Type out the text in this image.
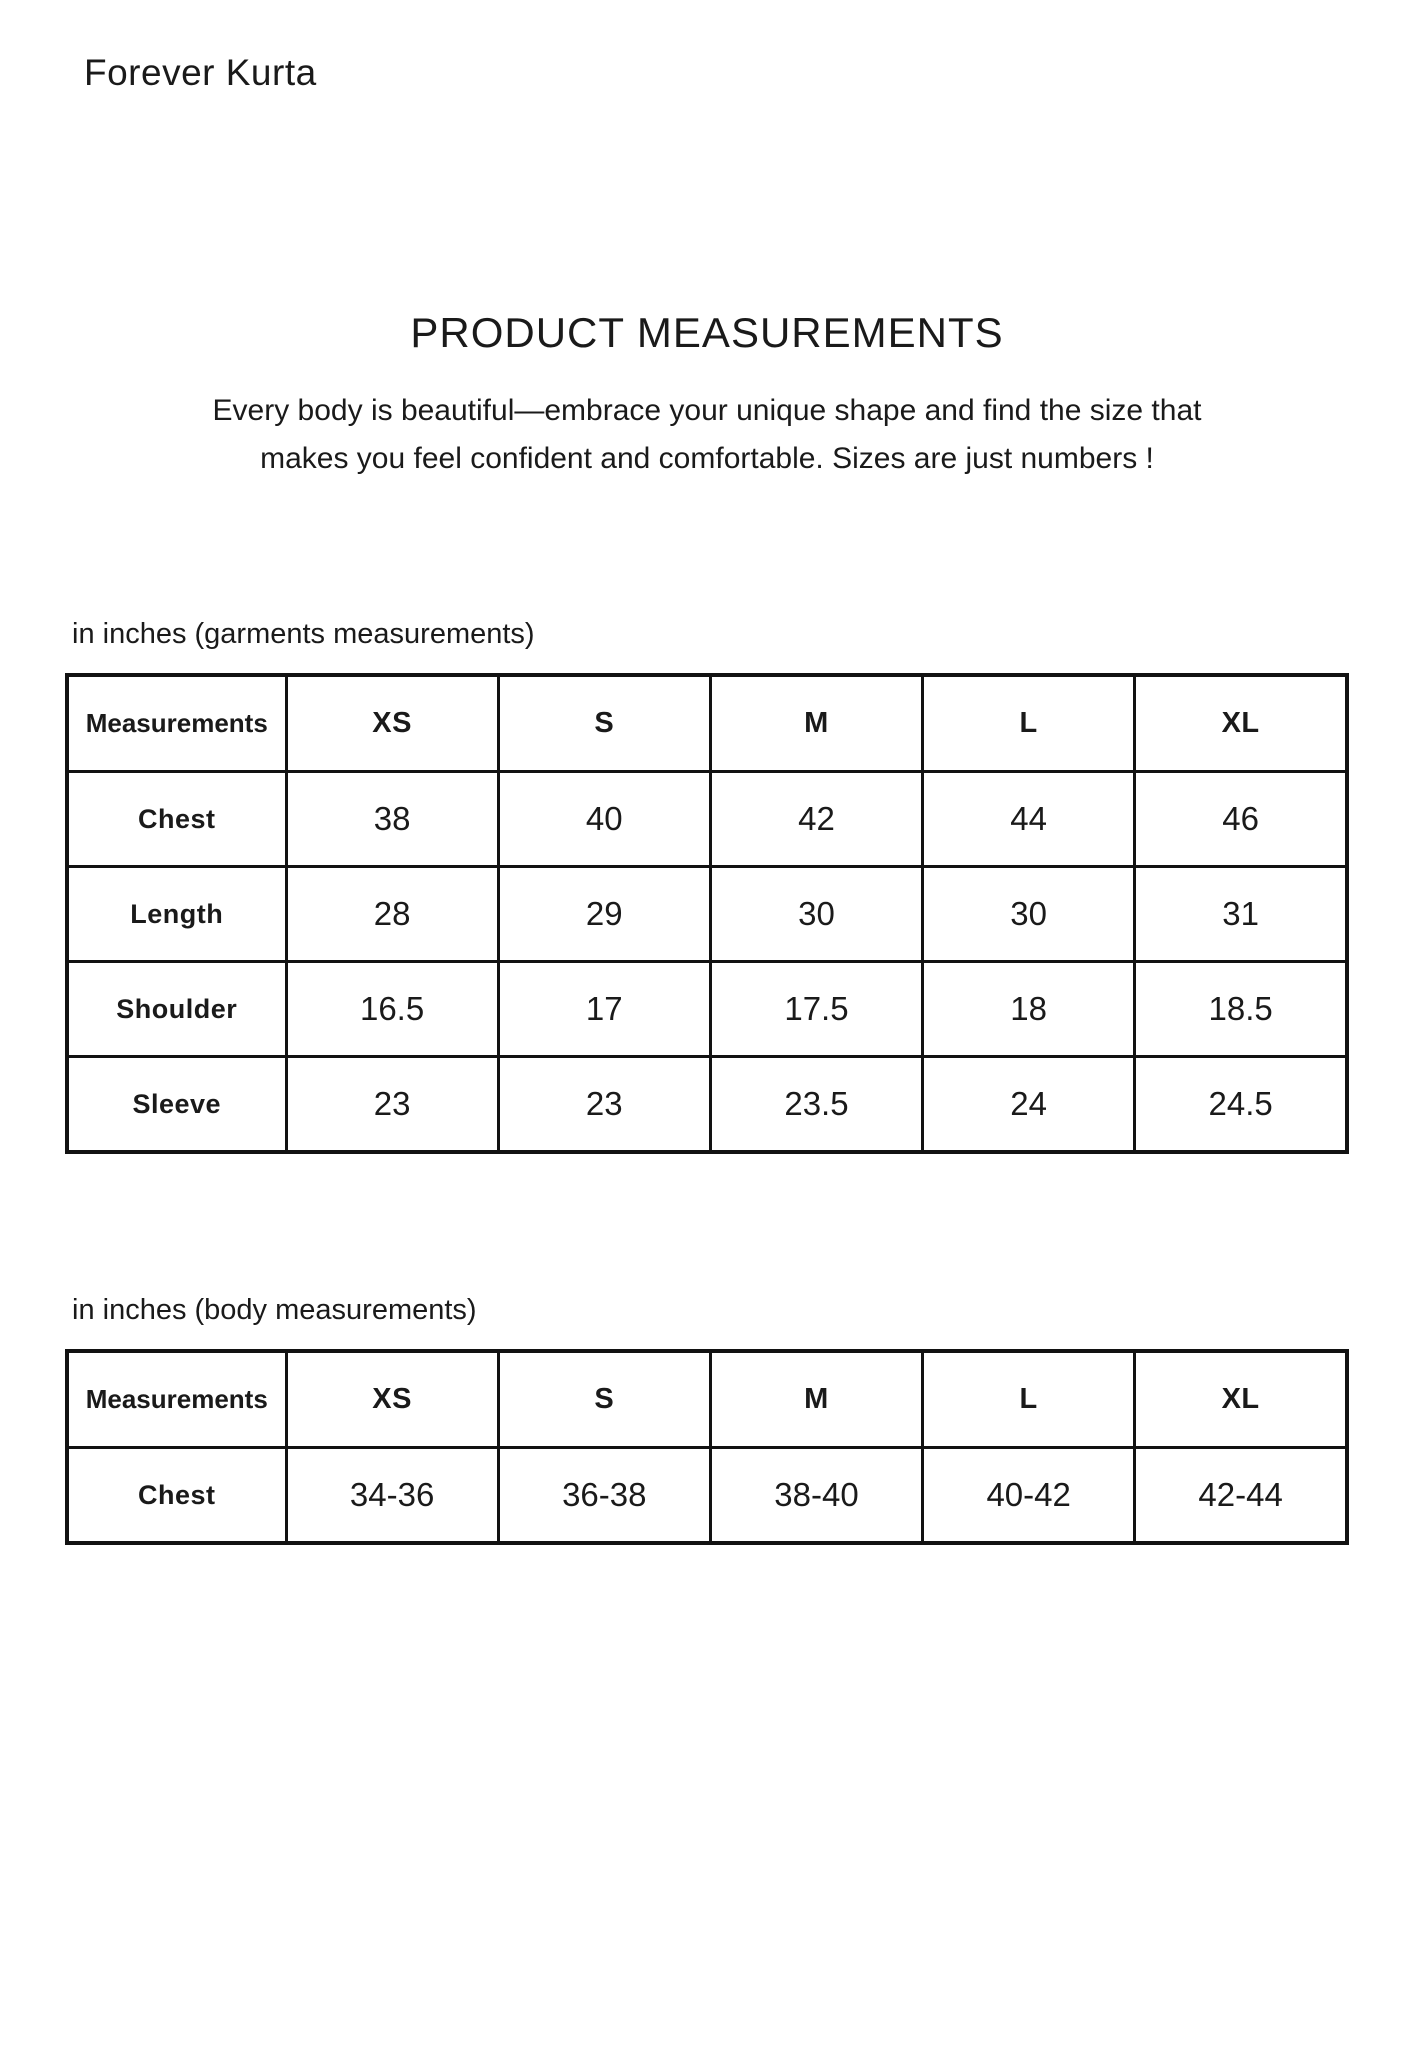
Forever Kurta
PRODUCT MEASUREMENTS
Every body is beautiful—embrace your unique shape and find the size that
makes you feel confident and comfortable. Sizes are just numbers !
in inches (garments measurements)
Measurements	XS	S	M	L	XL
Chest	38	40	42	44	46
Length	28	29	30	30	31
Shoulder	16.5	17	17.5	18	18.5
Sleeve	23	23	23.5	24	24.5
in inches (body measurements)
Measurements	XS	S	M	L	XL
Chest	34-36	36-38	38-40	40-42	42-44
